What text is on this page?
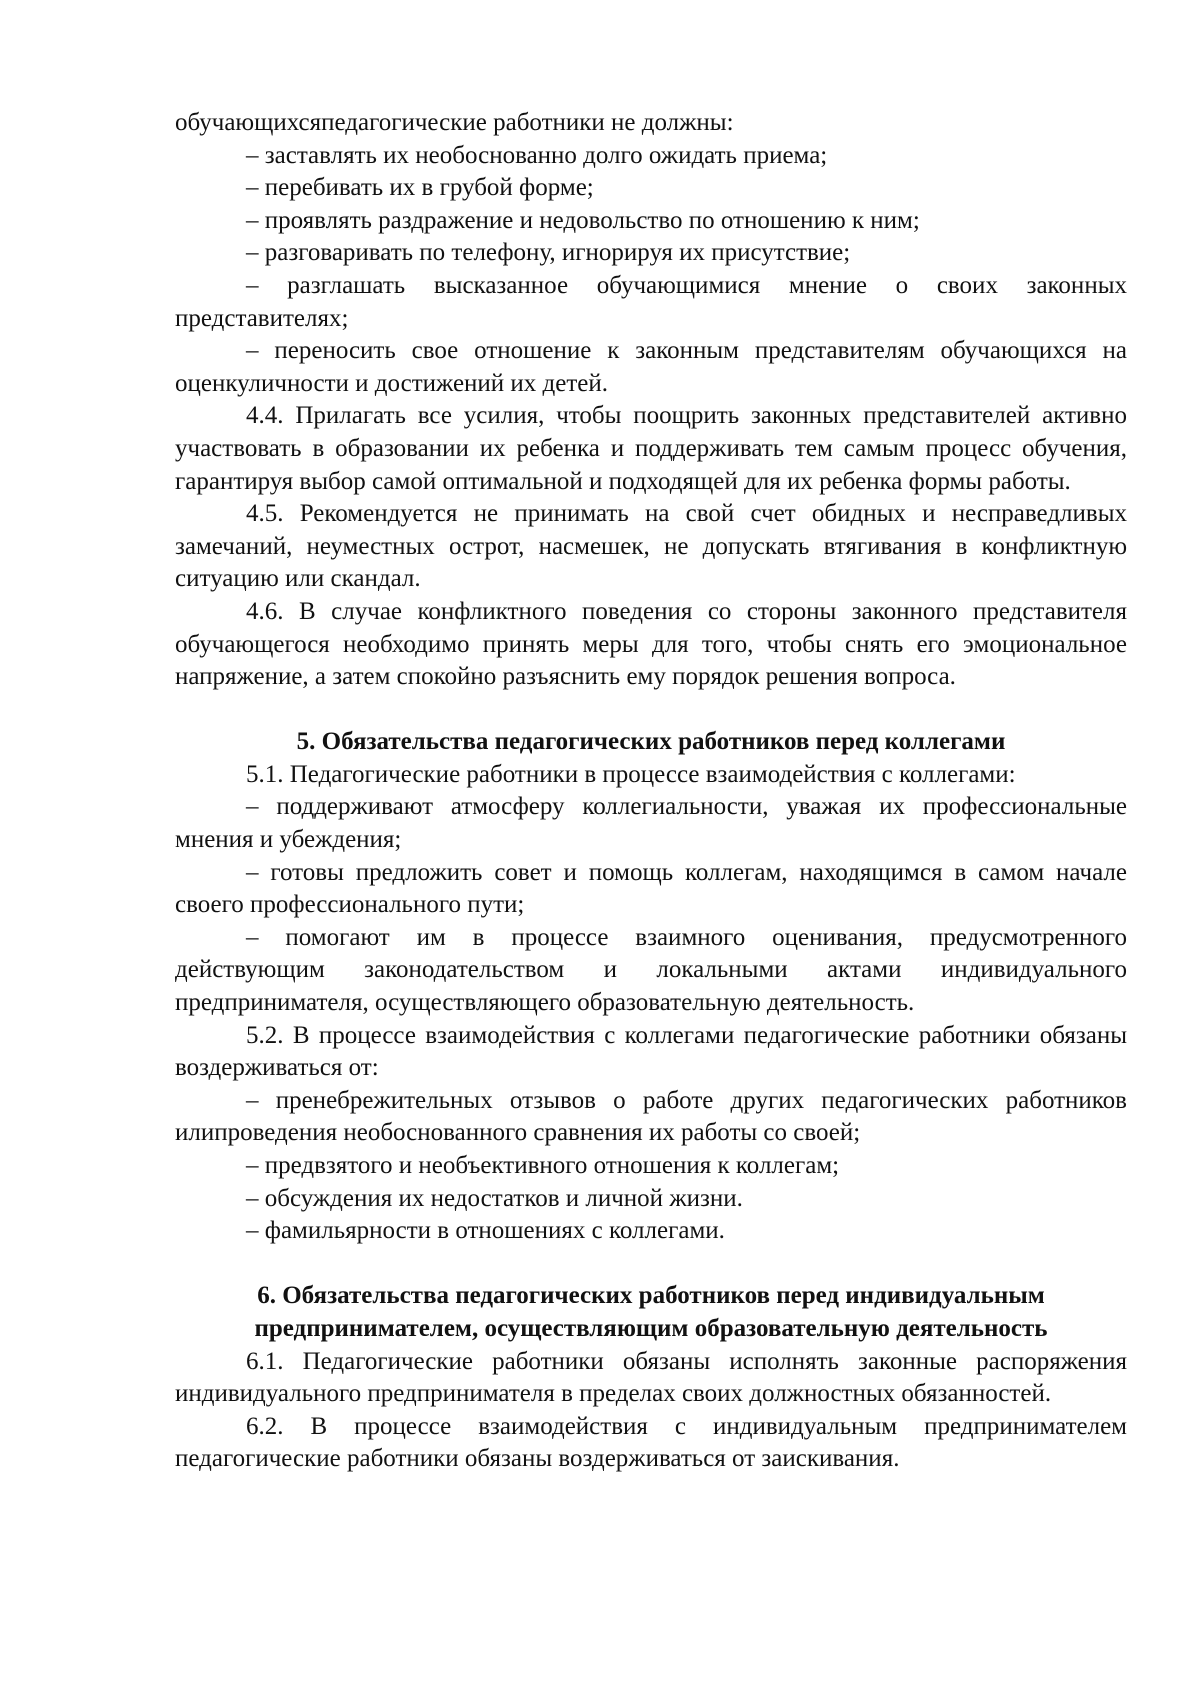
обучающихсяпедагогические работники не должны:

– заставлять их необоснованно долго ожидать приема;

– перебивать их в грубой форме;

– проявлять раздражение и недовольство по отношению к ним;

– разговаривать по телефону, игнорируя их присутствие;

– разглашать высказанное обучающимися мнение о своих законных представителях;

– переносить свое отношение к законным представителям обучающихся на оценкуличности и достижений их детей.

4.4. Прилагать все усилия, чтобы поощрить законных представителей активно участвовать в образовании их ребенка и поддерживать тем самым процесс обучения, гарантируя выбор самой оптимальной и подходящей для их ребенка формы работы.

4.5. Рекомендуется не принимать на свой счет обидных и несправедливых замечаний, неуместных острот, насмешек, не допускать втягивания в конфликтную ситуацию или скандал.

4.6. В случае конфликтного поведения со стороны законного представителя обучающегося необходимо принять меры для того, чтобы снять его эмоциональное напряжение, а затем спокойно разъяснить ему порядок решения вопроса.

5. Обязательства педагогических работников перед коллегами

5.1. Педагогические работники в процессе взаимодействия с коллегами:

– поддерживают атмосферу коллегиальности, уважая их профессиональные мнения и убеждения;

– готовы предложить совет и помощь коллегам, находящимся в самом начале своего профессионального пути;

– помогают им в процессе взаимного оценивания, предусмотренного действующим законодательством и локальными актами индивидуального предпринимателя, осуществляющего образовательную деятельность.

5.2. В процессе взаимодействия с коллегами педагогические работники обязаны воздерживаться от:

– пренебрежительных отзывов о работе других педагогических работников илипроведения необоснованного сравнения их работы со своей;

– предвзятого и необъективного отношения к коллегам;

– обсуждения их недостатков и личной жизни.

– фамильярности в отношениях с коллегами.

6. Обязательства педагогических работников перед индивидуальным

предпринимателем, осуществляющим образовательную деятельность

6.1. Педагогические работники обязаны исполнять законные распоряжения индивидуального предпринимателя в пределах своих должностных обязанностей.

6.2. В процессе взаимодействия с индивидуальным предпринимателем педагогические работники обязаны воздерживаться от заискивания.
